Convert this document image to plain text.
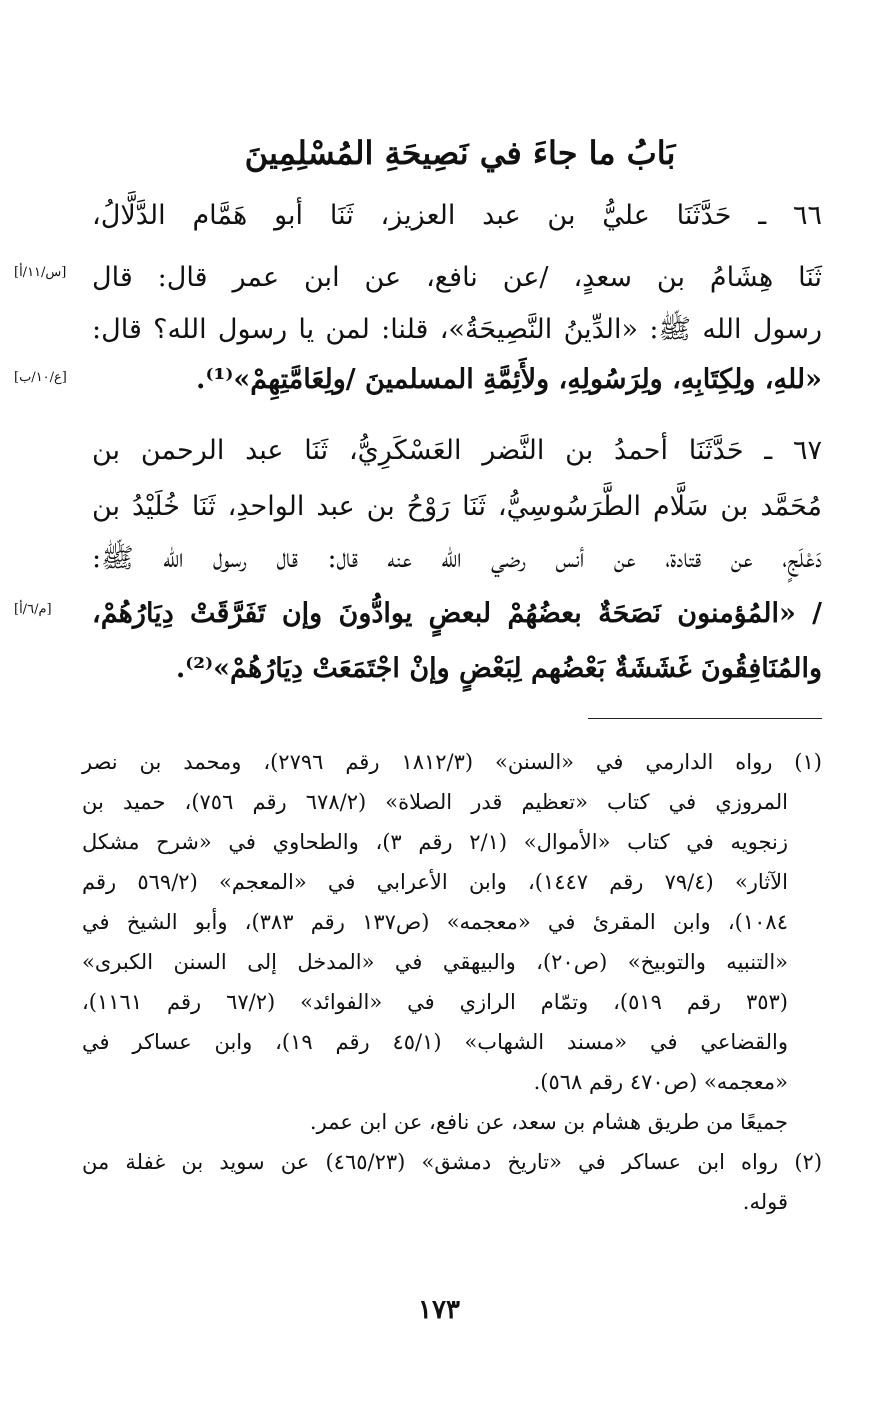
بَابُ ما جاءَ في نَصِيحَةِ المُسْلِمِينَ
٦٦ ـ حَدَّثَنَا عليُّ بن عبد العزيز، ثَنَا أبو هَمَّام الدَّلَّالُ،
ثَنَا هِشَامُ بن سعدٍ، /عن نافع، عن ابن عمر قال: قال
رسول الله ﷺ: «الدِّينُ النَّصِيحَةُ»، قلنا: لمن يا رسول الله؟ قال:
«للهِ، ولِكِتَابِهِ، ولِرَسُولِهِ، ولأَئِمَّةِ المسلمينَ /ولِعَامَّتِهِمْ»⁽¹⁾.
٦٧ ـ حَدَّثَنَا أحمدُ بن النَّضر العَسْكَرِيُّ، ثَنَا عبد الرحمن بن
مُحَمَّد بن سَلَّام الطَّرَسُوسِيُّ، ثَنَا رَوْحُ بن عبد الواحدِ، ثَنَا خُلَيْدُ بن
دَعْلَجٍ، عن قتادة، عن أنس رضي الله عنه قال: قال رسول الله ﷺ:
/ «المُؤمنون نَصَحَةٌ بعضُهُمْ لبعضٍ يوادُّونَ وإن تَفَرَّقَتْ دِيَارُهُمْ،
والمُنَافِقُونَ غَشَشَةٌ بَعْضُهم لِبَعْضٍ وإنْ اجْتَمَعَتْ دِيَارُهُمْ»⁽²⁾.
[س/١١/أ]
[ع/١٠/ب]
[م/٦/أ]
(١) رواه الدارمي في «السنن» (١٨١٢/٣ رقم ٢٧٩٦)، ومحمد بن نصر
المروزي في كتاب «تعظيم قدر الصلاة» (٦٧٨/٢ رقم ٧٥٦)، حميد بن
زنجويه في كتاب «الأموال» (٢/١ رقم ٣)، والطحاوي في «شرح مشكل
الآثار» (٧٩/٤ رقم ١٤٤٧)، وابن الأعرابي في «المعجم» (٥٦٩/٢ رقم
١٠٨٤)، وابن المقرئ في «معجمه» (ص١٣٧ رقم ٣٨٣)، وأبو الشيخ في
«التنبيه والتوبيخ» (ص٢٠)، والبيهقي في «المدخل إلى السنن الكبرى»
(٣٥٣ رقم ٥١٩)، وتمّام الرازي في «الفوائد» (٦٧/٢ رقم ١١٦١)،
والقضاعي في «مسند الشهاب» (٤٥/١ رقم ١٩)، وابن عساكر في
«معجمه» (ص٤٧٠ رقم ٥٦٨).
جميعًا من طريق هشام بن سعد، عن نافع، عن ابن عمر.
(٢) رواه ابن عساكر في «تاريخ دمشق» (٤٦٥/٢٣) عن سويد بن غفلة من
قوله.
١٧٣
